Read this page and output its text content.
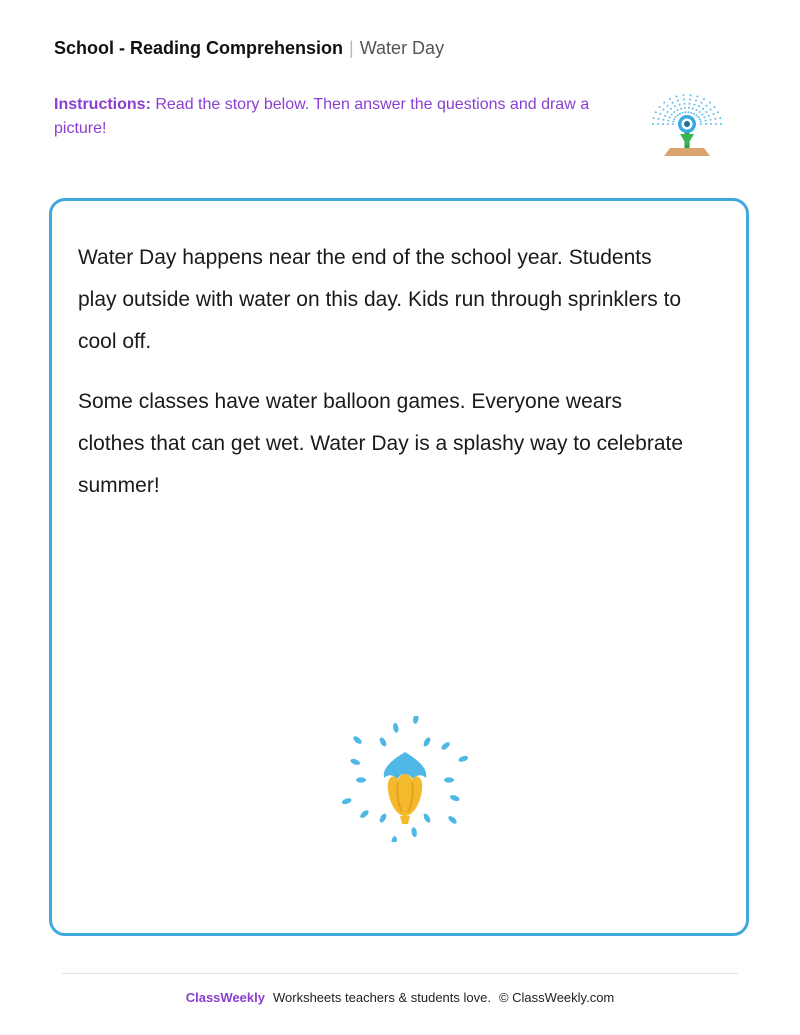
School - Reading Comprehension | Water Day
Instructions: Read the story below. Then answer the questions and draw a picture!

Water Day happens near the end of the school year. Students play outside with water on this day. Kids run through sprinklers to cool off.

Some classes have water balloon games. Everyone wears clothes that can get wet. Water Day is a splashy way to celebrate summer!

ClassWeekly Worksheets teachers & students love. © ClassWeekly.com
